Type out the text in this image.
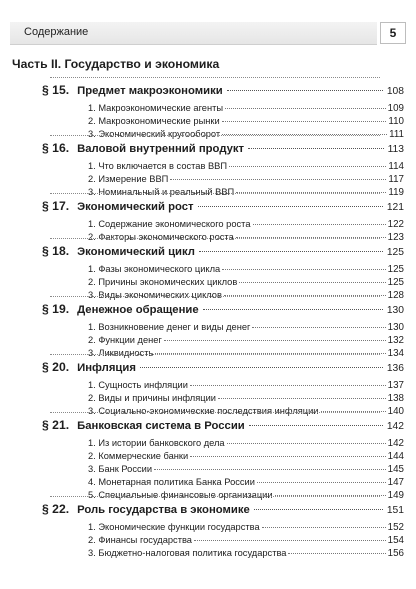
Содержание	5
Часть II. Государство и экономика
§ 15. Предмет макроэкономики	108
1. Макроэкономические агенты	109
2. Макроэкономические рынки	110
3. Экономический кругооборот	111
§ 16. Валовой внутренний продукт	113
1. Что включается в состав ВВП	114
2. Измерение ВВП	117
3. Номинальный и реальный ВВП	119
§ 17. Экономический рост	121
1. Содержание экономического роста	122
2. Факторы экономического роста	123
§ 18. Экономический цикл	125
1. Фазы экономического цикла	125
2. Причины экономических циклов	125
3. Виды экономических циклов	128
§ 19. Денежное обращение	130
1. Возникновение денег и виды денег	130
2. Функции денег	132
3. Ликвидность	134
§ 20. Инфляция	136
1. Сущность инфляции	137
2. Виды и причины инфляции	138
3. Социально-экономические последствия инфляции	140
§ 21. Банковская система в России	142
1. Из истории банковского дела	142
2. Коммерческие банки	144
3. Банк России	145
4. Монетарная политика Банка России	147
5. Специальные финансовые организации	149
§ 22. Роль государства в экономике	151
1. Экономические функции государства	152
2. Финансы государства	154
3. Бюджетно-налоговая политика государства	156
